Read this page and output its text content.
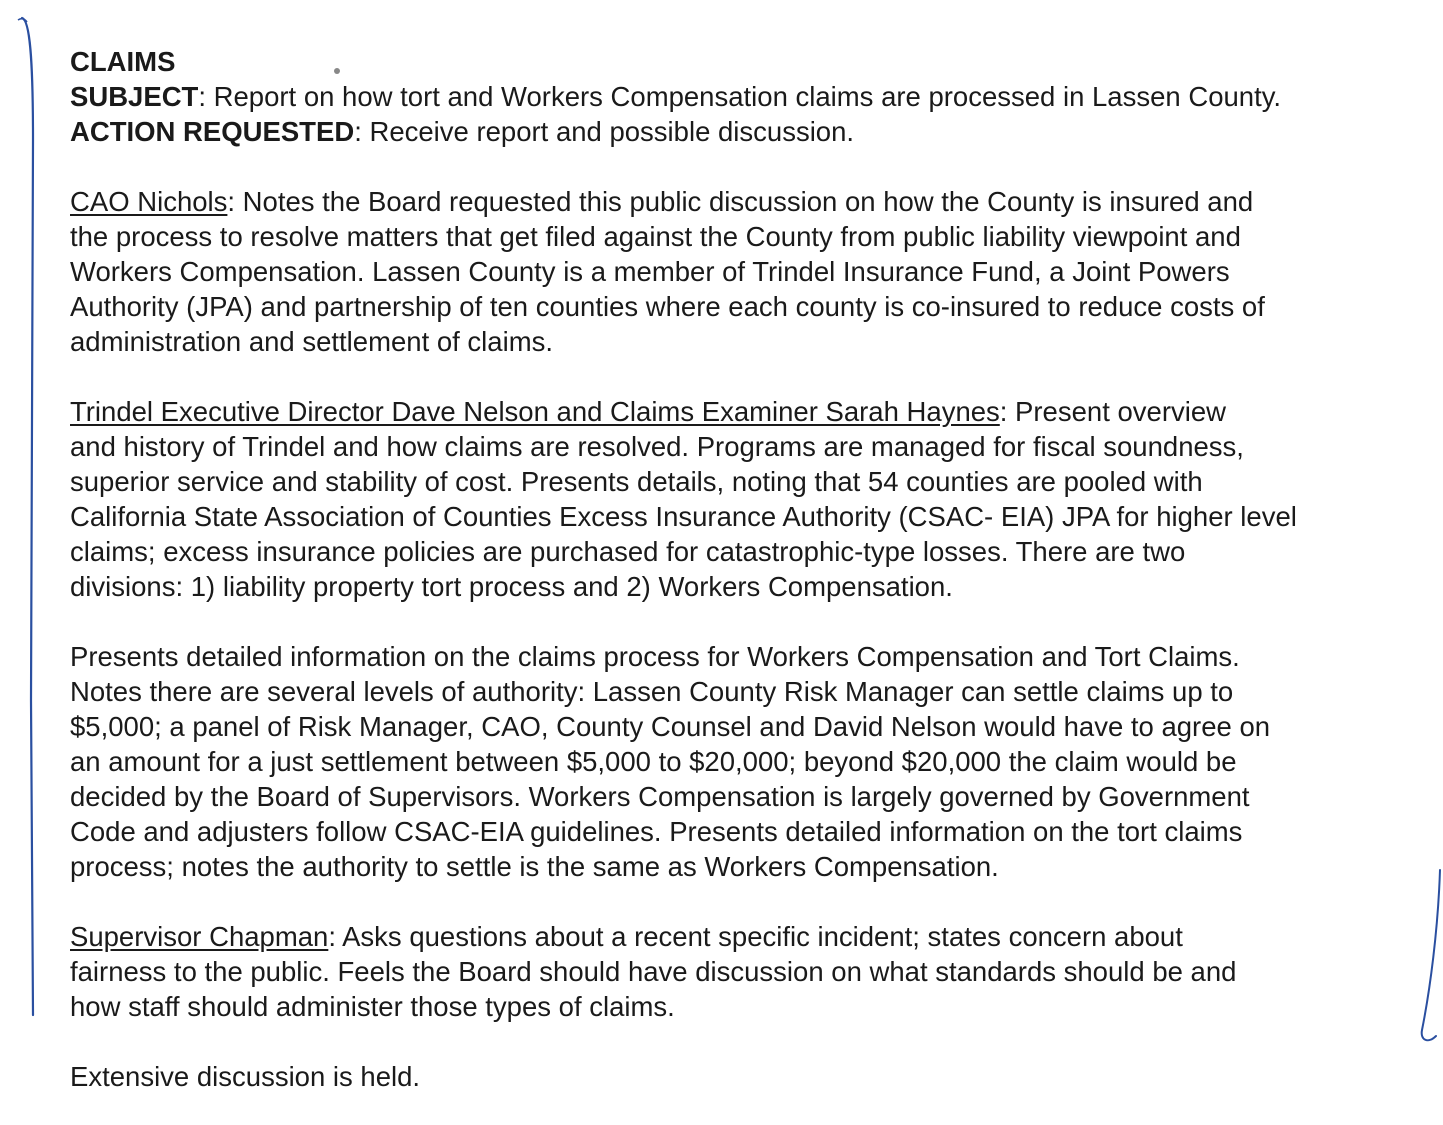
CLAIMS
SUBJECT: Report on how tort and Workers Compensation claims are processed in Lassen County.
ACTION REQUESTED: Receive report and possible discussion.
CAO Nichols: Notes the Board requested this public discussion on how the County is insured and
the process to resolve matters that get filed against the County from public liability viewpoint and
Workers Compensation. Lassen County is a member of Trindel Insurance Fund, a Joint Powers
Authority (JPA) and partnership of ten counties where each county is co-insured to reduce costs of
administration and settlement of claims.
Trindel Executive Director Dave Nelson and Claims Examiner Sarah Haynes: Present overview
and history of Trindel and how claims are resolved. Programs are managed for fiscal soundness,
superior service and stability of cost. Presents details, noting that 54 counties are pooled with
California State Association of Counties Excess Insurance Authority (CSAC- EIA) JPA for higher level
claims; excess insurance policies are purchased for catastrophic-type losses. There are two
divisions: 1) liability property tort process and 2) Workers Compensation.
Presents detailed information on the claims process for Workers Compensation and Tort Claims.
Notes there are several levels of authority: Lassen County Risk Manager can settle claims up to
$5,000; a panel of Risk Manager, CAO, County Counsel and David Nelson would have to agree on
an amount for a just settlement between $5,000 to $20,000; beyond $20,000 the claim would be
decided by the Board of Supervisors. Workers Compensation is largely governed by Government
Code and adjusters follow CSAC-EIA guidelines. Presents detailed information on the tort claims
process; notes the authority to settle is the same as Workers Compensation.
Supervisor Chapman: Asks questions about a recent specific incident; states concern about
fairness to the public. Feels the Board should have discussion on what standards should be and
how staff should administer those types of claims.
Extensive discussion is held.
